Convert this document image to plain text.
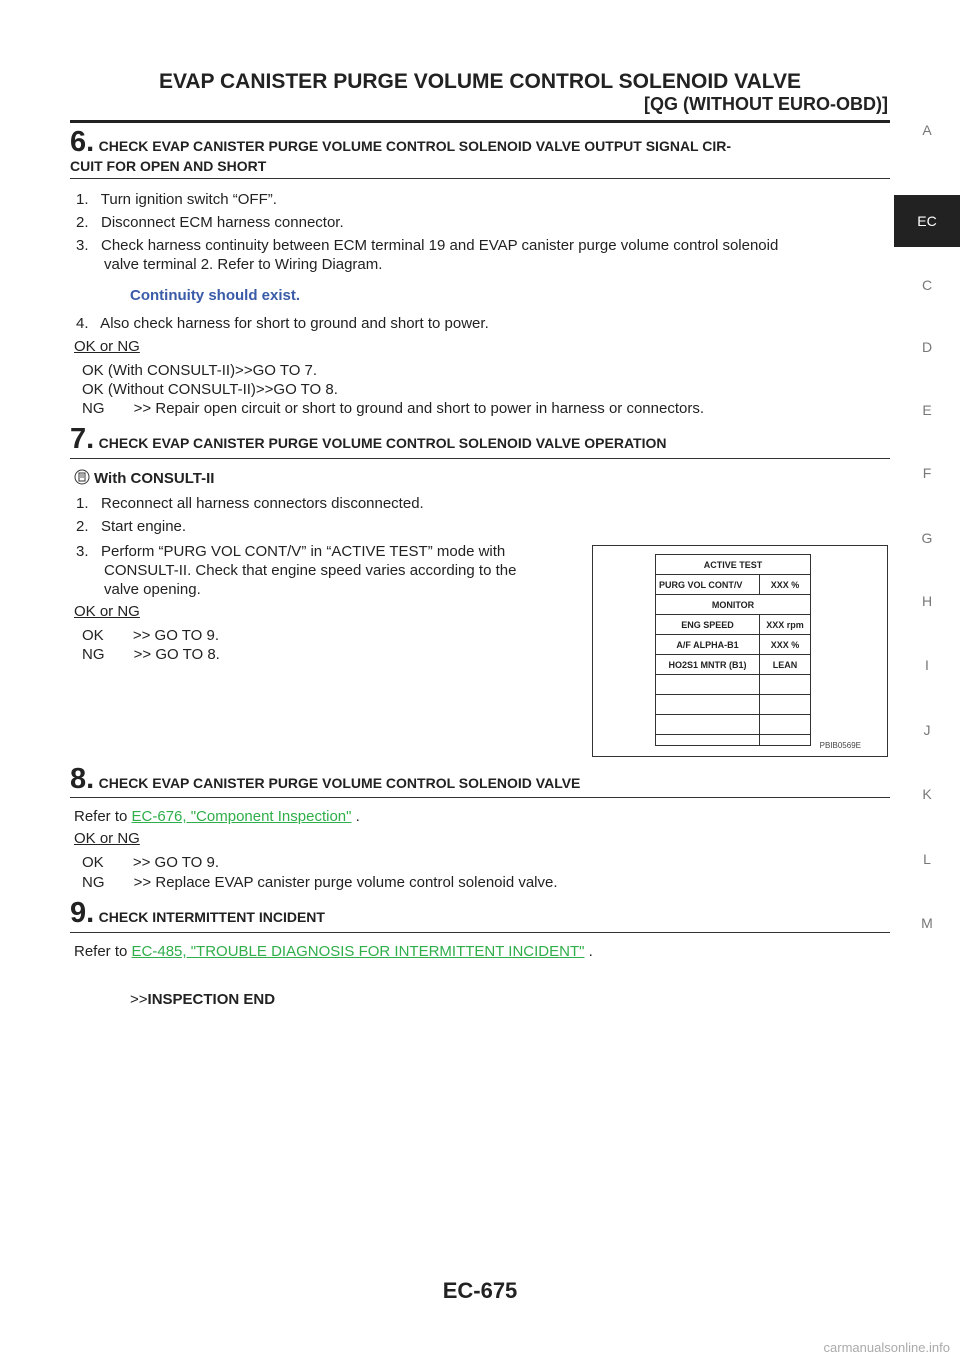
EVAP CANISTER PURGE VOLUME CONTROL SOLENOID VALVE
[QG (WITHOUT EURO-OBD)]
A
EC
C
D
E
F
G
H
I
J
K
L
M
6. CHECK EVAP CANISTER PURGE VOLUME CONTROL SOLENOID VALVE OUTPUT SIGNAL CIR-
CUIT FOR OPEN AND SHORT
1.   Turn ignition switch “OFF”.
2.   Disconnect ECM harness connector.
3.   Check harness continuity between ECM terminal 19 and EVAP canister purge volume control solenoid
valve terminal 2. Refer to Wiring Diagram.
Continuity should exist.
4.   Also check harness for short to ground and short to power.
OK or NG
OK (With CONSULT-II)>>GO TO 7.
OK (Without CONSULT-II)>>GO TO 8.
NG       >> Repair open circuit or short to ground and short to power in harness or connectors.
7. CHECK EVAP CANISTER PURGE VOLUME CONTROL SOLENOID VALVE OPERATION
With CONSULT-II
1.   Reconnect all harness connectors disconnected.
2.   Start engine.
3.   Perform “PURG VOL CONT/V” in “ACTIVE TEST” mode with
CONSULT-II. Check that engine speed varies according to the
valve opening.
OK or NG
OK       >> GO TO 9.
NG       >> GO TO 8.
ACTIVE TEST
PURG VOL CONT/V	XXX %
MONITOR
ENG SPEED	XXX rpm
A/F ALPHA-B1	XXX %
HO2S1 MNTR (B1)	LEAN
PBIB0569E
8. CHECK EVAP CANISTER PURGE VOLUME CONTROL SOLENOID VALVE
Refer to EC-676, "Component Inspection" .
OK or NG
OK       >> GO TO 9.
NG       >> Replace EVAP canister purge volume control solenoid valve.
9. CHECK INTERMITTENT INCIDENT
Refer to EC-485, "TROUBLE DIAGNOSIS FOR INTERMITTENT INCIDENT" .
>>INSPECTION END
EC-675
carmanualsonline.info
